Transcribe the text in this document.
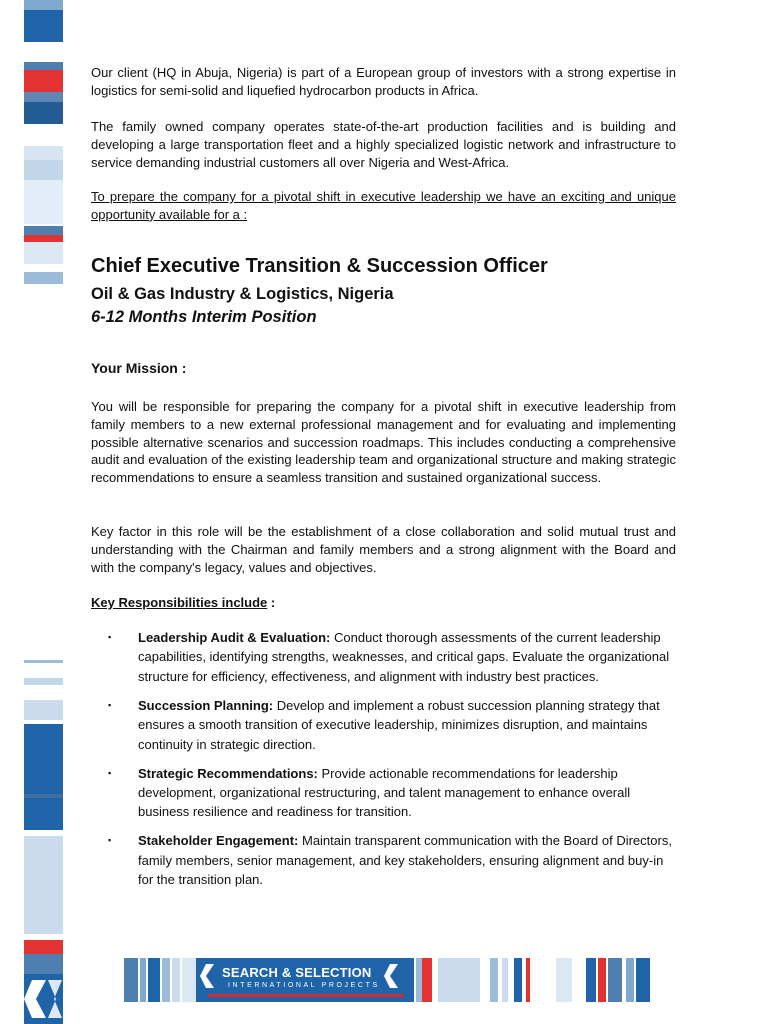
SEARCH & SELECTION
INTERNATIONAL PROJECTS

Our client (HQ in Abuja, Nigeria) is part of a European group of investors with a strong expertise in logistics for semi-solid and liquefied hydrocarbon products in Africa.

The family owned company operates state-of-the-art production facilities and is building and developing a large transportation fleet and a highly specialized logistic network and infrastructure to service demanding industrial customers all over Nigeria and West-Africa.

To prepare the company for a pivotal shift in executive leadership we have an exciting and unique opportunity available for a :

Chief Executive Transition & Succession Officer
Oil & Gas Industry & Logistics, Nigeria
6-12 Months Interim Position
Your Mission :

You will be responsible for preparing the company for a pivotal shift in executive leadership from family members to a new external professional management and for evaluating and implementing possible alternative scenarios and succession roadmaps. This includes conducting a comprehensive audit and evaluation of the existing leadership team and organizational structure and making strategic recommendations to ensure a seamless transition and sustained organizational success.

Key factor in this role will be the establishment of a close collaboration and solid mutual trust and understanding with the Chairman and family members and a strong alignment with the Board and with the company's legacy, values and objectives.

Key Responsibilities include :
▪ Leadership Audit & Evaluation: Conduct thorough assessments of the current leadership capabilities, identifying strengths, weaknesses, and critical gaps. Evaluate the organizational structure for efficiency, effectiveness, and alignment with industry best practices.
▪ Succession Planning: Develop and implement a robust succession planning strategy that ensures a smooth transition of executive leadership, minimizes disruption, and maintains continuity in strategic direction.
▪ Strategic Recommendations: Provide actionable recommendations for leadership development, organizational restructuring, and talent management to enhance overall business resilience and readiness for transition.
▪ Stakeholder Engagement: Maintain transparent communication with the Board of Directors, family members, senior management, and key stakeholders, ensuring alignment and buy-in for the transition plan.
